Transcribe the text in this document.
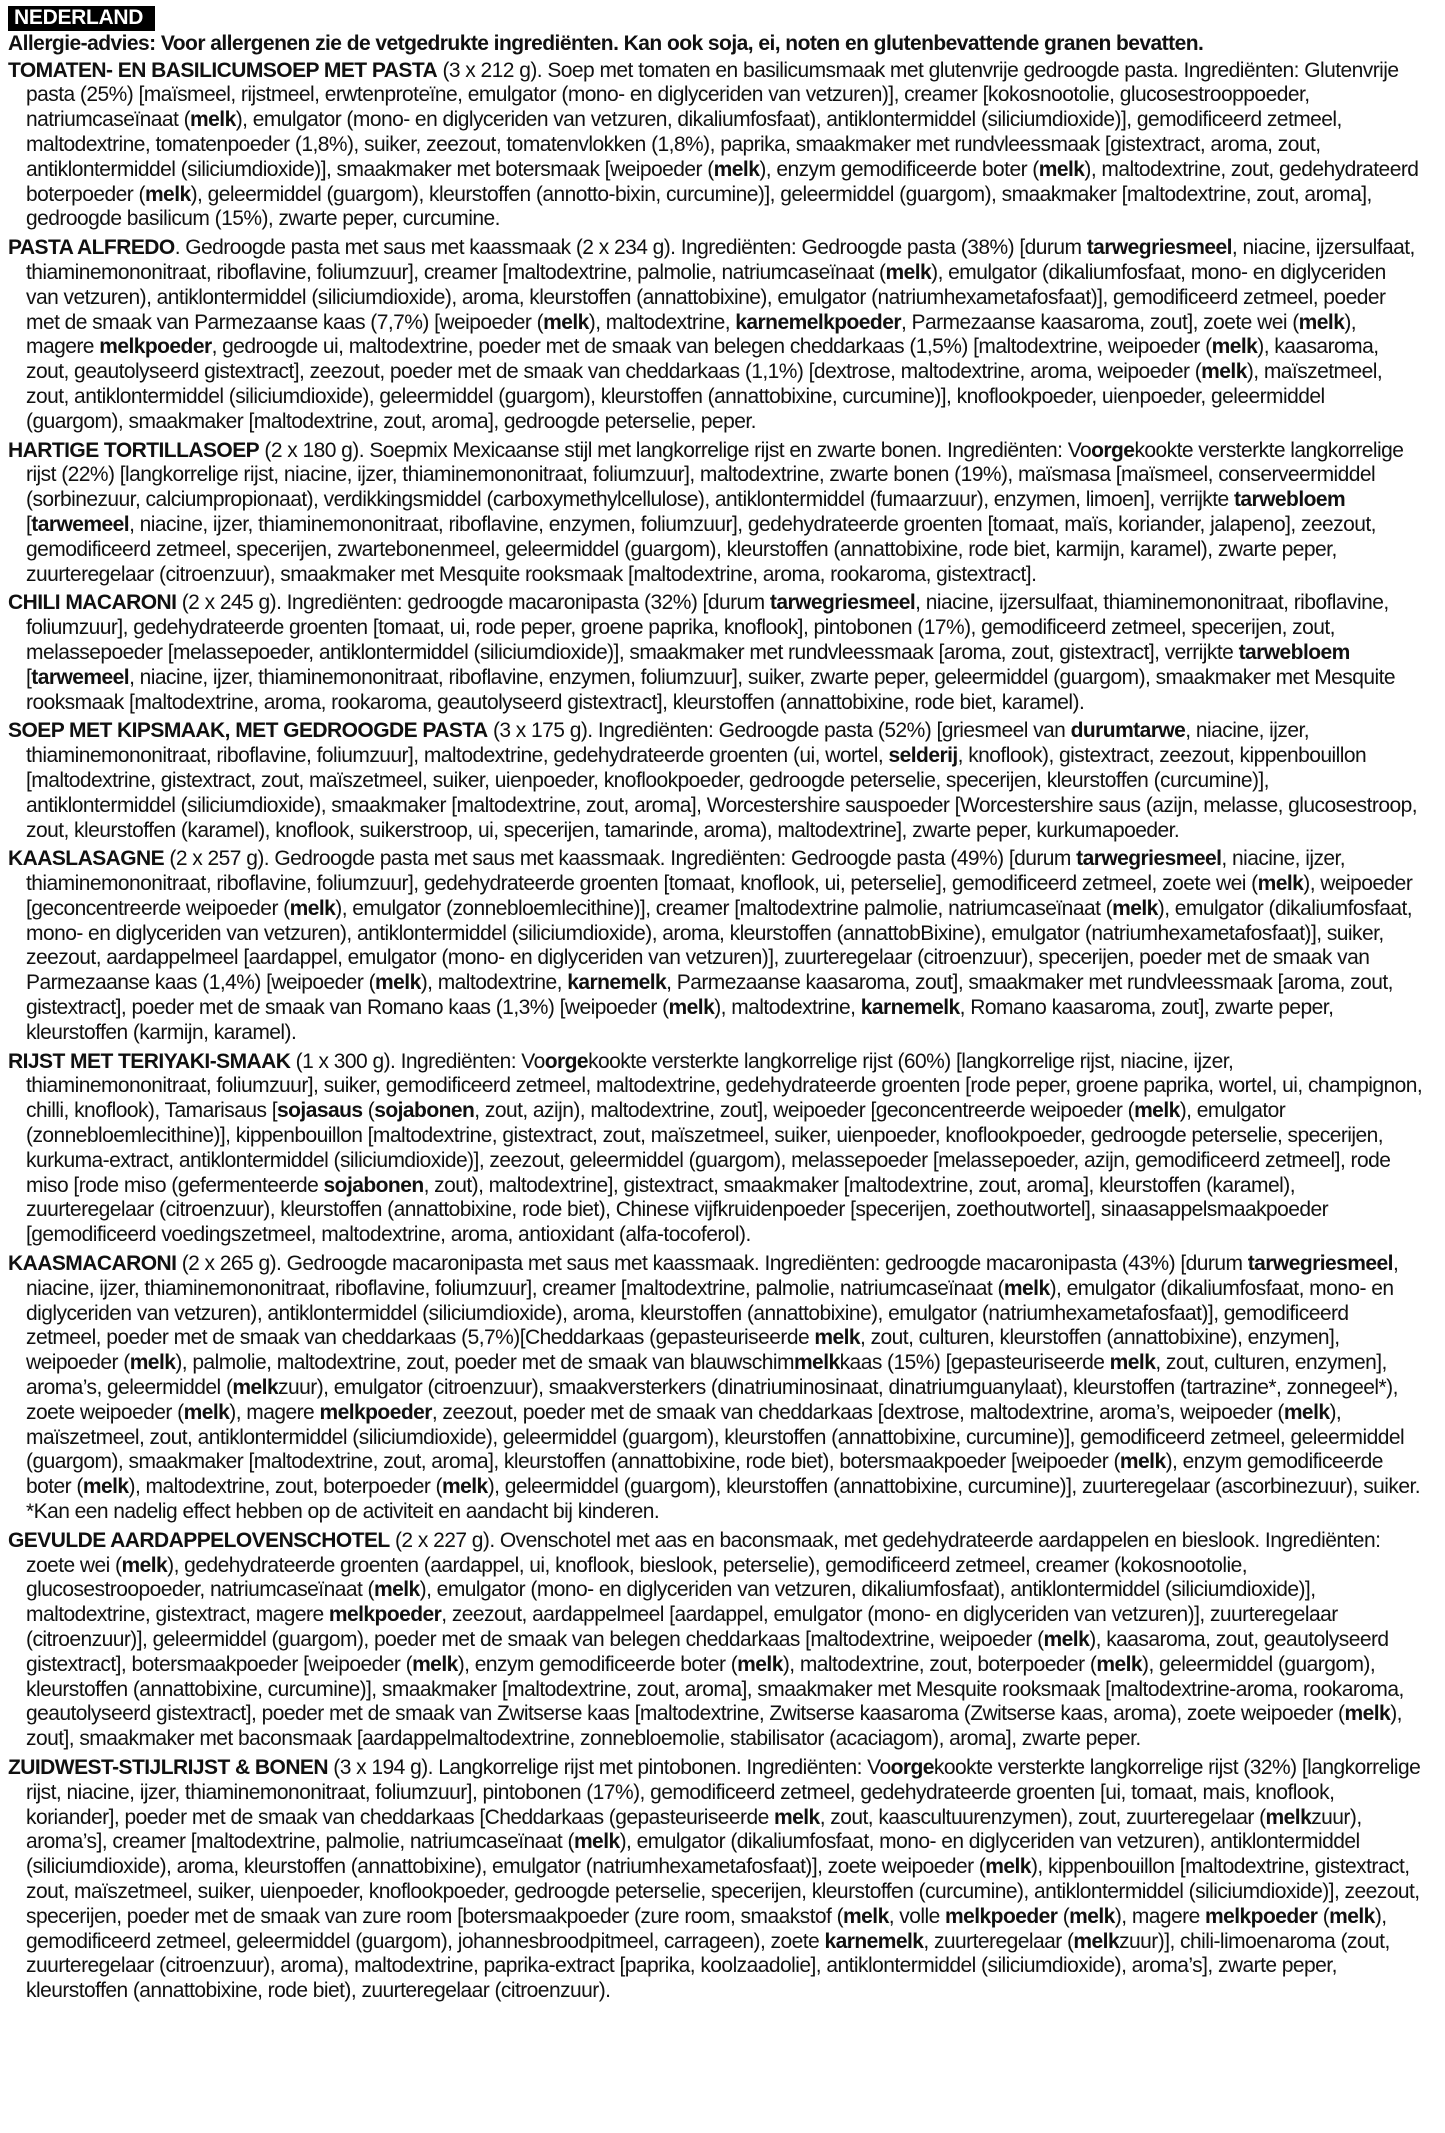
NEDERLAND
Allergie-advies: Voor allergenen zie de vetgedrukte ingrediënten. Kan ook soja, ei, noten en glutenbevattende granen bevatten.

TOMATEN- EN BASILICUMSOEP MET PASTA (3 x 212 g). Soep met tomaten en basilicumsmaak met glutenvrije gedroogde pasta. Ingrediënten: Glutenvrije pasta (25%) [maïsmeel, rijstmeel, erwtenproteïne, emulgator (mono- en diglyceriden van vetzuren)], creamer [kokosnootolie, glucosestrooppoeder, natriumcaseïnaat (melk), emulgator (mono- en diglyceriden van vetzuren, dikaliumfosfaat), antiklontermiddel (siliciumdioxide)], gemodificeerd zetmeel, maltodextrine, tomatenpoeder (1,8%), suiker, zeezout, tomatenvlokken (1,8%), paprika, smaakmaker met rundvleessmaak [gistextract, aroma, zout, antiklontermiddel (siliciumdioxide)], smaakmaker met botersmaak [weipoeder (melk), enzym gemodificeerde boter (melk), maltodextrine, zout, gedehydrateerd boterpoeder (melk), geleermiddel (guargom), kleurstoffen (annotto-bixin, curcumine)], geleermiddel (guargom), smaakmaker [maltodextrine, zout, aroma], gedroogde basilicum (15%), zwarte peper, curcumine.

PASTA ALFREDO. Gedroogde pasta met saus met kaassmaak (2 x 234 g). Ingrediënten: Gedroogde pasta (38%) [durum tarwegriesmeel, niacine, ijzersulfaat, thiaminemononitraat, riboflavine, foliumzuur], creamer [maltodextrine, palmolie, natriumcaseïnaat (melk), emulgator (dikaliumfosfaat, mono- en diglyceriden van vetzuren), antiklontermiddel (siliciumdioxide), aroma, kleurstoffen (annattobixine), emulgator (natriumhexametafosfaat)], gemodificeerd zetmeel, poeder met de smaak van Parmezaanse kaas (7,7%) [weipoeder (melk), maltodextrine, karnemelkpoeder, Parmezaanse kaasaroma, zout], zoete wei (melk), magere melkpoeder, gedroogde ui, maltodextrine, poeder met de smaak van belegen cheddarkaas (1,5%) [maltodextrine, weipoeder (melk), kaasaroma, zout, geautolyseerd gistextract], zeezout, poeder met de smaak van cheddarkaas (1,1%) [dextrose, maltodextrine, aroma, weipoeder (melk), maïszetmeel, zout, antiklontermiddel (siliciumdioxide), geleermiddel (guargom), kleurstoffen (annattobixine, curcumine)], knoflookpoeder, uienpoeder, geleermiddel (guargom), smaakmaker [maltodextrine, zout, aroma], gedroogde peterselie, peper.

HARTIGE TORTILLASOEP (2 x 180 g). Soepmix Mexicaanse stijl met langkorrelige rijst en zwarte bonen. Ingrediënten: Voorgekookte versterkte langkorrelige rijst (22%) [langkorrelige rijst, niacine, ijzer, thiaminemononitraat, foliumzuur], maltodextrine, zwarte bonen (19%), maïsmasa [maïsmeel, conserveermiddel (sorbinezuur, calciumpropionaat), verdikkingsmiddel (carboxymethylcellulose), antiklontermiddel (fumaarzuur), enzymen, limoen], verrijkte tarwebloem [tarwemeel, niacine, ijzer, thiaminemononitraat, riboflavine, enzymen, foliumzuur], gedehydrateerde groenten [tomaat, maïs, koriander, jalapeno], zeezout, gemodificeerd zetmeel, specerijen, zwartebonenmeel, geleermiddel (guargom), kleurstoffen (annattobixine, rode biet, karmijn, karamel), zwarte peper, zuurteregelaar (citroenzuur), smaakmaker met Mesquite rooksmaak [maltodextrine, aroma, rookaroma, gistextract].

CHILI MACARONI (2 x 245 g). Ingrediënten: gedroogde macaronipasta (32%) [durum tarwegriesmeel, niacine, ijzersulfaat, thiaminemononitraat, riboflavine, foliumzuur], gedehydrateerde groenten [tomaat, ui, rode peper, groene paprika, knoflook], pintobonen (17%), gemodificeerd zetmeel, specerijen, zout, melassepoeder [melassepoeder, antiklontermiddel (siliciumdioxide)], smaakmaker met rundvleessmaak [aroma, zout, gistextract], verrijkte tarwebloem [tarwemeel, niacine, ijzer, thiaminemononitraat, riboflavine, enzymen, foliumzuur], suiker, zwarte peper, geleermiddel (guargom), smaakmaker met Mesquite rooksmaak [maltodextrine, aroma, rookaroma, geautolyseerd gistextract], kleurstoffen (annattobixine, rode biet, karamel).

SOEP MET KIPSMAAK, MET GEDROOGDE PASTA (3 x 175 g). Ingrediënten: Gedroogde pasta (52%) [griesmeel van durumtarwe, niacine, ijzer, thiaminemononitraat, riboflavine, foliumzuur], maltodextrine, gedehydrateerde groenten (ui, wortel, selderij, knoflook), gistextract, zeezout, kippenbouillon [maltodextrine, gistextract, zout, maïszetmeel, suiker, uienpoeder, knoflookpoeder, gedroogde peterselie, specerijen, kleurstoffen (curcumine)], antiklontermiddel (siliciumdioxide), smaakmaker [maltodextrine, zout, aroma], Worcestershire sauspoeder [Worcestershire saus (azijn, melasse, glucosestroop, zout, kleurstoffen (karamel), knoflook, suikerstroop, ui, specerijen, tamarinde, aroma), maltodextrine], zwarte peper, kurkumapoeder.

KAASLASAGNE (2 x 257 g). Gedroogde pasta met saus met kaassmaak. Ingrediënten: Gedroogde pasta (49%) [durum tarwegriesmeel, niacine, ijzer, thiaminemononitraat, riboflavine, foliumzuur], gedehydrateerde groenten [tomaat, knoflook, ui, peterselie], gemodificeerd zetmeel, zoete wei (melk), weipoeder [geconcentreerde weipoeder (melk), emulgator (zonnebloemlecithine)], creamer [maltodextrine palmolie, natriumcaseïnaat (melk), emulgator (dikaliumfosfaat, mono- en diglyceriden van vetzuren), antiklontermiddel (siliciumdioxide), aroma, kleurstoffen (annattobBixine), emulgator (natriumhexametafosfaat)], suiker, zeezout, aardappelmeel [aardappel, emulgator (mono- en diglyceriden van vetzuren)], zuurteregelaar (citroenzuur), specerijen, poeder met de smaak van Parmezaanse kaas (1,4%) [weipoeder (melk), maltodextrine, karnemelk, Parmezaanse kaasaroma, zout], smaakmaker met rundvleessmaak [aroma, zout, gistextract], poeder met de smaak van Romano kaas (1,3%) [weipoeder (melk), maltodextrine, karnemelk, Romano kaasaroma, zout], zwarte peper, kleurstoffen (karmijn, karamel).

RIJST MET TERIYAKI-SMAAK (1 x 300 g). Ingrediënten: Voorgekookte versterkte langkorrelige rijst (60%) [langkorrelige rijst, niacine, ijzer, thiaminemononitraat, foliumzuur], suiker, gemodificeerd zetmeel, maltodextrine, gedehydrateerde groenten [rode peper, groene paprika, wortel, ui, champignon, chilli, knoflook), Tamarisaus [sojasaus (sojabonen, zout, azijn), maltodextrine, zout], weipoeder [geconcentreerde weipoeder (melk), emulgator (zonnebloemlecithine)], kippenbouillon [maltodextrine, gistextract, zout, maïszetmeel, suiker, uienpoeder, knoflookpoeder, gedroogde peterselie, specerijen, kurkuma-extract, antiklontermiddel (siliciumdioxide)], zeezout, geleermiddel (guargom), melassepoeder [melassepoeder, azijn, gemodificeerd zetmeel], rode miso [rode miso (gefermenteerde sojabonen, zout), maltodextrine], gistextract, smaakmaker [maltodextrine, zout, aroma], kleurstoffen (karamel), zuurteregelaar (citroenzuur), kleurstoffen (annattobixine, rode biet), Chinese vijfkruidenpoeder [specerijen, zoethoutwortel], sinaasappelsmaakpoeder [gemodificeerd voedingszetmeel, maltodextrine, aroma, antioxidant (alfa-tocoferol).

KAASMACARONI (2 x 265 g). Gedroogde macaronipasta met saus met kaassmaak. Ingrediënten: gedroogde macaronipasta (43%) [durum tarwegriesmeel, niacine, ijzer, thiaminemononitraat, riboflavine, foliumzuur], creamer [maltodextrine, palmolie, natriumcaseïnaat (melk), emulgator (dikaliumfosfaat, mono- en diglyceriden van vetzuren), antiklontermiddel (siliciumdioxide), aroma, kleurstoffen (annattobixine), emulgator (natriumhexametafosfaat)], gemodificeerd zetmeel, poeder met de smaak van cheddarkaas (5,7%)[Cheddarkaas (gepasteuriseerde melk, zout, culturen, kleurstoffen (annattobixine), enzymen], weipoeder (melk), palmolie, maltodextrine, zout, poeder met de smaak van blauwschimmelkkaas (15%) [gepasteuriseerde melk, zout, culturen, enzymen], aroma’s, geleermiddel (melkzuur), emulgator (citroenzuur), smaakversterkers (dinatriuminosinaat, dinatriumguanylaat), kleurstoffen (tartrazine*, zonnegeel*), zoete weipoeder (melk), magere melkpoeder, zeezout, poeder met de smaak van cheddarkaas [dextrose, maltodextrine, aroma’s, weipoeder (melk), maïszetmeel, zout, antiklontermiddel (siliciumdioxide), geleermiddel (guargom), kleurstoffen (annattobixine, curcumine)], gemodificeerd zetmeel, geleermiddel (guargom), smaakmaker [maltodextrine, zout, aroma], kleurstoffen (annattobixine, rode biet), botersmaakpoeder [weipoeder (melk), enzym gemodificeerde boter (melk), maltodextrine, zout, boterpoeder (melk), geleermiddel (guargom), kleurstoffen (annattobixine, curcumine)], zuurteregelaar (ascorbinezuur), suiker. *Kan een nadelig effect hebben op de activiteit en aandacht bij kinderen.

GEVULDE AARDAPPELOVENSCHOTEL (2 x 227 g). Ovenschotel met aas en baconsmaak, met gedehydrateerde aardappelen en bieslook. Ingrediënten: zoete wei (melk), gedehydrateerde groenten (aardappel, ui, knoflook, bieslook, peterselie), gemodificeerd zetmeel, creamer (kokosnootolie, glucosestroopoeder, natriumcaseïnaat (melk), emulgator (mono- en diglyceriden van vetzuren, dikaliumfosfaat), antiklontermiddel (siliciumdioxide)], maltodextrine, gistextract, magere melkpoeder, zeezout, aardappelmeel [aardappel, emulgator (mono- en diglyceriden van vetzuren)], zuurteregelaar (citroenzuur)], geleermiddel (guargom), poeder met de smaak van belegen cheddarkaas [maltodextrine, weipoeder (melk), kaasaroma, zout, geautolyseerd gistextract], botersmaakpoeder [weipoeder (melk), enzym gemodificeerde boter (melk), maltodextrine, zout, boterpoeder (melk), geleermiddel (guargom), kleurstoffen (annattobixine, curcumine)], smaakmaker [maltodextrine, zout, aroma], smaakmaker met Mesquite rooksmaak [maltodextrine-aroma, rookaroma, geautolyseerd gistextract], poeder met de smaak van Zwitserse kaas [maltodextrine, Zwitserse kaasaroma (Zwitserse kaas, aroma), zoete weipoeder (melk), zout], smaakmaker met baconsmaak [aardappelmaltodextrine, zonnebloemolie, stabilisator (acaciagom), aroma], zwarte peper.

ZUIDWEST-STIJLRIJST & BONEN (3 x 194 g). Langkorrelige rijst met pintobonen. Ingrediënten: Voorgekookte versterkte langkorrelige rijst (32%) [langkorrelige rijst, niacine, ijzer, thiaminemononitraat, foliumzuur], pintobonen (17%), gemodificeerd zetmeel, gedehydrateerde groenten [ui, tomaat, mais, knoflook, koriander], poeder met de smaak van cheddarkaas [Cheddarkaas (gepasteuriseerde melk, zout, kaascultuurenzymen), zout, zuurteregelaar (melkzuur), aroma’s], creamer [maltodextrine, palmolie, natriumcaseïnaat (melk), emulgator (dikaliumfosfaat, mono- en diglyceriden van vetzuren), antiklontermiddel (siliciumdioxide), aroma, kleurstoffen (annattobixine), emulgator (natriumhexametafosfaat)], zoete weipoeder (melk), kippenbouillon [maltodextrine, gistextract, zout, maïszetmeel, suiker, uienpoeder, knoflookpoeder, gedroogde peterselie, specerijen, kleurstoffen (curcumine), antiklontermiddel (siliciumdioxide)], zeezout, specerijen, poeder met de smaak van zure room [botersmaakpoeder (zure room, smaakstof (melk, volle melkpoeder (melk), magere melkpoeder (melk), gemodificeerd zetmeel, geleermiddel (guargom), johannesbroodpitmeel, carrageen), zoete karnemelk, zuurteregelaar (melkzuur)], chili-limoenaroma (zout, zuurteregelaar (citroenzuur), aroma), maltodextrine, paprika-extract [paprika, koolzaadolie], antiklontermiddel (siliciumdioxide), aroma’s], zwarte peper, kleurstoffen (annattobixine, rode biet), zuurteregelaar (citroenzuur).
